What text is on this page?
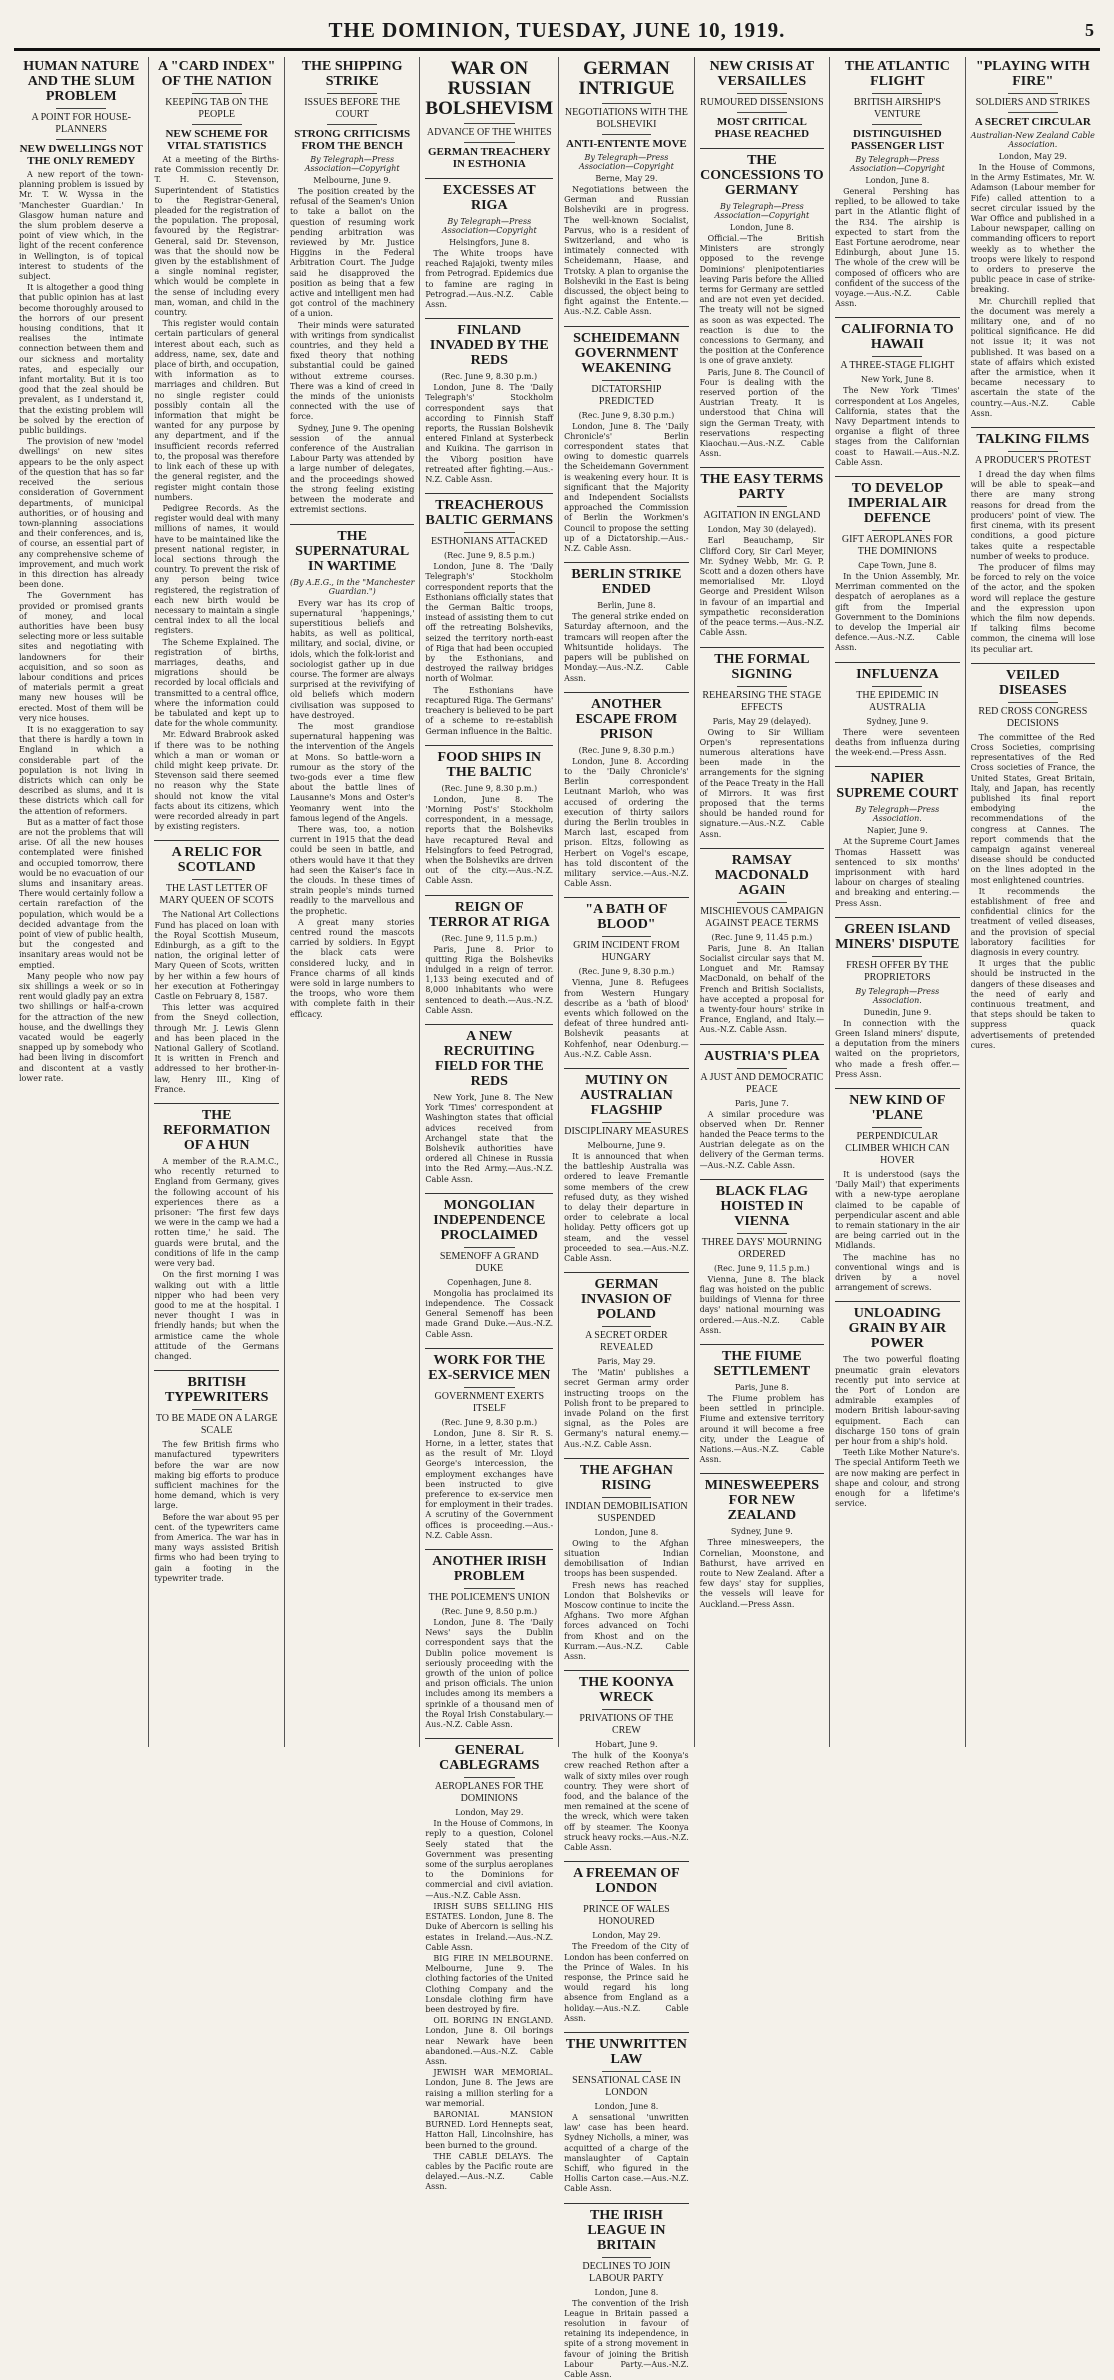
THE DOMINION, TUESDAY, JUNE 10, 1919.	5
HUMAN NATURE AND THE SLUM PROBLEM
A POINT FOR HOUSE-PLANNERS
NEW DWELLINGS NOT THE ONLY REMEDY

A new report of the town-planning problem is issued by Mr. T. W. Wyssa in the 'Manchester Guardian.' In Glasgow human nature and the slum problem deserve a point of view which, in the light of the recent conference in Wellington, is of topical interest to students of the subject.

It is altogether a good thing that public opinion has at last become thoroughly aroused to the horrors of our present housing conditions, that it realises the intimate connection between them and our sickness and mortality rates, and especially our infant mortality. But it is too good that the zeal should be prevalent, as I understand it, that the existing problem will be solved by the erection of public buildings.

The provision of new 'model dwellings' on new sites appears to be the only aspect of the question that has so far received the serious consideration of Government departments, of municipal authorities, or of housing and town-planning associations and their conferences, and is, of course, an essential part of any comprehensive scheme of improvement, and much work in this direction has already been done.

The Government has provided or promised grants of money, and local authorities have been busy selecting more or less suitable sites and negotiating with landowners for their acquisition, and so soon as labour conditions and prices of materials permit a great many new houses will be erected. Most of them will be very nice houses.

It is no exaggeration to say that there is hardly a town in England in which a considerable part of the population is not living in districts which can only be described as slums, and it is these districts which call for the attention of reformers.

But as a matter of fact those are not the problems that will arise. Of all the new houses contemplated were finished and occupied tomorrow, there would be no evacuation of our slums and insanitary areas. There would certainly follow a certain rarefaction of the population, which would be a decided advantage from the point of view of public health, but the congested and insanitary areas would not be emptied.

Many people who now pay six shillings a week or so in rent would gladly pay an extra two shillings or half-a-crown for the attraction of the new house, and the dwellings they vacated would be eagerly snapped up by somebody who had been living in discomfort and discontent at a vastly lower rate.

A "CARD INDEX" OF THE NATION
KEEPING TAB ON THE PEOPLE
NEW SCHEME FOR VITAL STATISTICS

At a meeting of the Births-rate Commission recently Dr. T. H. C. Stevenson, Superintendent of Statistics to the Registrar-General, pleaded for the registration of the population. The proposal, favoured by the Registrar-General, said Dr. Stevenson, was that the should now be given by the establishment of a single nominal register, which would be complete in the sense of including every man, woman, and child in the country.

This register would contain certain particulars of general interest about each, such as address, name, sex, date and place of birth, and occupation, with information as to marriages and children. But no single register could possibly contain all the information that might be wanted for any purpose by any department, and if the insufficient records referred to, the proposal was therefore to link each of these up with the general register, and the register might contain those numbers.

Pedigree Records. As the register would deal with many millions of names, it would have to be maintained like the present national register, in local sections through the country. To prevent the risk of any person being twice registered, the registration of each new birth would be necessary to maintain a single central index to all the local registers.

The Scheme Explained. The registration of births, marriages, deaths, and migrations should be recorded by local officials and transmitted to a central office, where the information could be tabulated and kept up to date for the whole community.

Mr. Edward Brabrook asked if there was to be nothing which a man or woman or child might keep private. Dr. Stevenson said there seemed no reason why the State should not know the vital facts about its citizens, which were recorded already in part by existing registers.

A RELIC FOR SCOTLAND
THE LAST LETTER OF MARY QUEEN OF SCOTS

The National Art Collections Fund has placed on loan with the Royal Scottish Museum, Edinburgh, as a gift to the nation, the original letter of Mary Queen of Scots, written by her within a few hours of her execution at Fotheringay Castle on February 8, 1587.

This letter was acquired from the Sneyd collection, through Mr. J. Lewis Glenn and has been placed in the National Gallery of Scotland. It is written in French and addressed to her brother-in-law, Henry III., King of France.

THE REFORMATION OF A HUN

A member of the R.A.M.C., who recently returned to England from Germany, gives the following account of his experiences there as a prisoner: 'The first few days we were in the camp we had a rotten time,' he said. The guards were brutal, and the conditions of life in the camp were very bad.

On the first morning I was walking out with a little nipper who had been very good to me at the hospital. I never thought I was in friendly hands; but when the armistice came the whole attitude of the Germans changed.

BRITISH TYPEWRITERS
TO BE MADE ON A LARGE SCALE

The few British firms who manufactured typewriters before the war are now making big efforts to produce sufficient machines for the home demand, which is very large.

Before the war about 95 per cent. of the typewriters came from America. The war has in many ways assisted British firms who had been trying to gain a footing in the typewriter trade.

THE SHIPPING STRIKE
ISSUES BEFORE THE COURT
STRONG CRITICISMS FROM THE BENCH
By Telegraph—Press Association—Copyright
Melbourne, June 9.

The position created by the refusal of the Seamen's Union to take a ballot on the question of resuming work pending arbitration was reviewed by Mr. Justice Higgins in the Federal Arbitration Court. The Judge said he disapproved the position as being that a few active and intelligent men had got control of the machinery of a union.

Their minds were saturated with writings from syndicalist countries, and they held a fixed theory that nothing substantial could be gained without extreme courses. There was a kind of creed in the minds of the unionists connected with the use of force.

Sydney, June 9. The opening session of the annual conference of the Australian Labour Party was attended by a large number of delegates, and the proceedings showed the strong feeling existing between the moderate and extremist sections.

THE SUPERNATURAL IN WARTIME
(By A.E.G., in the "Manchester Guardian.")

Every war has its crop of supernatural 'happenings,' superstitious beliefs and habits, as well as political, military, and social, divine, or idols, which the folk-lorist and sociologist gather up in due course. The former are always surprised at the revivifying of old beliefs which modern civilisation was supposed to have destroyed.

The most grandiose supernatural happening was the intervention of the Angels at Mons. So battle-worn a rumour as the story of the two-gods ever a time flew about the battle lines of Lausanne's Mons and Oster's Yeomanry went into the famous legend of the Angels.

There was, too, a notion current in 1915 that the dead could be seen in battle, and others would have it that they had seen the Kaiser's face in the clouds. In these times of strain people's minds turned readily to the marvellous and the prophetic.

A great many stories centred round the mascots carried by soldiers. In Egypt the black cats were considered lucky, and in France charms of all kinds were sold in large numbers to the troops, who wore them with complete faith in their efficacy.

WAR ON RUSSIAN BOLSHEVISM
ADVANCE OF THE WHITES
GERMAN TREACHERY IN ESTHONIA
EXCESSES AT RIGA
By Telegraph—Press Association—Copyright
Helsingfors, June 8.

The White troops have reached Rajajoki, twenty miles from Petrograd. Epidemics due to famine are raging in Petrograd.—Aus.-N.Z. Cable Assn.

FINLAND INVADED BY THE REDS
(Rec. June 9, 8.30 p.m.)

London, June 8. The 'Daily Telegraph's' Stockholm correspondent says that according to Finnish Staff reports, the Russian Bolshevik entered Finland at Systerbeck and Kuikina. The garrison in the Viborg position have retreated after fighting.—Aus.-N.Z. Cable Assn.

TREACHEROUS BALTIC GERMANS
ESTHONIANS ATTACKED
(Rec. June 9, 8.5 p.m.)

London, June 8. The 'Daily Telegraph's' Stockholm correspondent reports that the Esthonians officially states that the German Baltic troops, instead of assisting them to cut off the retreating Bolsheviks, seized the territory north-east of Riga that had been occupied by the Esthonians, and destroyed the railway bridges north of Wolmar.

The Esthonians have recaptured Riga. The Germans' treachery is believed to be part of a scheme to re-establish German influence in the Baltic.

FOOD SHIPS IN THE BALTIC
(Rec. June 9, 8.30 p.m.)

London, June 8. The 'Morning Post's' Stockholm correspondent, in a message, reports that the Bolsheviks have recaptured Reval and Helsingfors to feed Petrograd, when the Bolsheviks are driven out of the city.—Aus.-N.Z. Cable Assn.

REIGN OF TERROR AT RIGA
(Rec. June 9, 11.5 p.m.)

Paris, June 8. Prior to quitting Riga the Bolsheviks indulged in a reign of terror. 1,133 being executed and of 8,000 inhabitants who were sentenced to death.—Aus.-N.Z. Cable Assn.

A NEW RECRUITING FIELD FOR THE REDS

New York, June 8. The New York 'Times' correspondent at Washington states that official advices received from Archangel state that the Bolshevik authorities have ordered all Chinese in Russia into the Red Army.—Aus.-N.Z. Cable Assn.

MONGOLIAN INDEPENDENCE PROCLAIMED
SEMENOFF A GRAND DUKE
Copenhagen, June 8.

Mongolia has proclaimed its independence. The Cossack General Semenoff has been made Grand Duke.—Aus.-N.Z. Cable Assn.

WORK FOR THE EX-SERVICE MEN
GOVERNMENT EXERTS ITSELF
(Rec. June 9, 8.30 p.m.)

London, June 8. Sir R. S. Horne, in a letter, states that as the result of Mr. Lloyd George's intercession, the employment exchanges have been instructed to give preference to ex-service men for employment in their trades. A scrutiny of the Government offices is proceeding.—Aus.-N.Z. Cable Assn.

ANOTHER IRISH PROBLEM
THE POLICEMEN'S UNION
(Rec. June 9, 8.50 p.m.)

London, June 8. The 'Daily News' says the Dublin correspondent says that the Dublin police movement is seriously proceeding with the growth of the union of police and prison officials. The union includes among its members a sprinkle of a thousand men of the Royal Irish Constabulary.—Aus.-N.Z. Cable Assn.

GENERAL CABLEGRAMS
AEROPLANES FOR THE DOMINIONS
London, May 29.

In the House of Commons, in reply to a question, Colonel Seely stated that the Government was presenting some of the surplus aeroplanes to the Dominions for commercial and civil aviation.—Aus.-N.Z. Cable Assn.

IRISH SUBS SELLING HIS ESTATES. London, June 8. The Duke of Abercorn is selling his estates in Ireland.—Aus.-N.Z. Cable Assn.

BIG FIRE IN MELBOURNE. Melbourne, June 9. The clothing factories of the United Clothing Company and the Lonsdale clothing firm have been destroyed by fire.

OIL BORING IN ENGLAND. London, June 8. Oil borings near Newark have been abandoned.—Aus.-N.Z. Cable Assn.

JEWISH WAR MEMORIAL. London, June 8. The Jews are raising a million sterling for a war memorial.

BARONIAL MANSION BURNED. Lord Hennepts seat, Hatton Hall, Lincolnshire, has been burned to the ground.

THE CABLE DELAYS. The cables by the Pacific route are delayed.—Aus.-N.Z. Cable Assn.

GERMAN INTRIGUE
NEGOTIATIONS WITH THE BOLSHEVIKI
ANTI-ENTENTE MOVE
By Telegraph—Press Association—Copyright
Berne, May 29.

Negotiations between the German and Russian Bolsheviki are in progress. The well-known Socialist, Parvus, who is a resident of Switzerland, and who is intimately connected with Scheidemann, Haase, and Trotsky. A plan to organise the Bolsheviki in the East is being discussed, the object being to fight against the Entente.—Aus.-N.Z. Cable Assn.

SCHEIDEMANN GOVERNMENT WEAKENING
DICTATORSHIP PREDICTED
(Rec. June 9, 8.30 p.m.)

London, June 8. The 'Daily Chronicle's' Berlin correspondent states that owing to domestic quarrels the Scheidemann Government is weakening every hour. It is significant that the Majority and Independent Socialists approached the Commission of Berlin the Workmen's Council to propose the setting up of a Dictatorship.—Aus.-N.Z. Cable Assn.

BERLIN STRIKE ENDED
Berlin, June 8.

The general strike ended on Saturday afternoon, and the tramcars will reopen after the Whitsuntide holidays. The papers will be published on Monday.—Aus.-N.Z. Cable Assn.

ANOTHER ESCAPE FROM PRISON
(Rec. June 9, 8.30 p.m.)

London, June 8. According to the 'Daily Chronicle's' Berlin correspondent Leutnant Marloh, who was accused of ordering the execution of thirty sailors during the Berlin troubles in March last, escaped from prison. Eltzs, following as Herbert on Vogel's escape, has told discontent of the military service.—Aus.-N.Z. Cable Assn.

"A BATH OF BLOOD"
GRIM INCIDENT FROM HUNGARY
(Rec. June 9, 8.30 p.m.)

Vienna, June 8. Refugees from Western Hungary describe as a 'bath of blood' events which followed on the defeat of three hundred anti-Bolshevik peasants at Kohfenhof, near Odenburg.—Aus.-N.Z. Cable Assn.

MUTINY ON AUSTRALIAN FLAGSHIP
DISCIPLINARY MEASURES
Melbourne, June 9.

It is announced that when the battleship Australia was ordered to leave Fremantle some members of the crew refused duty, as they wished to delay their departure in order to celebrate a local holiday. Petty officers got up steam, and the vessel proceeded to sea.—Aus.-N.Z. Cable Assn.

GERMAN INVASION OF POLAND
A SECRET ORDER REVEALED
Paris, May 29.

The 'Matin' publishes a secret German army order instructing troops on the Polish front to be prepared to invade Poland on the first signal, as the Poles are Germany's natural enemy.—Aus.-N.Z. Cable Assn.

THE AFGHAN RISING
INDIAN DEMOBILISATION SUSPENDED
London, June 8.

Owing to the Afghan situation Indian demobilisation of Indian troops has been suspended.

Fresh news has reached London that Bolsheviks or Moscow continue to incite the Afghans. Two more Afghan forces advanced on Tochi from Khost and on the Kurram.—Aus.-N.Z. Cable Assn.

THE KOONYA WRECK
PRIVATIONS OF THE CREW
Hobart, June 9.

The hulk of the Koonya's crew reached Rethon after a walk of sixty miles over rough country. They were short of food, and the balance of the men remained at the scene of the wreck, which were taken off by steamer. The Koonya struck heavy rocks.—Aus.-N.Z. Cable Assn.

A FREEMAN OF LONDON
PRINCE OF WALES HONOURED
London, May 29.

The Freedom of the City of London has been conferred on the Prince of Wales. In his response, the Prince said he would regard his long absence from England as a holiday.—Aus.-N.Z. Cable Assn.

THE UNWRITTEN LAW
SENSATIONAL CASE IN LONDON
London, June 8.

A sensational 'unwritten law' case has been heard. Sydney Nicholls, a miner, was acquitted of a charge of the manslaughter of Captain Schiff, who figured in the Hollis Carton case.—Aus.-N.Z. Cable Assn.

THE IRISH LEAGUE IN BRITAIN
DECLINES TO JOIN LABOUR PARTY
London, June 8.

The convention of the Irish League in Britain passed a resolution in favour of retaining its independence, in spite of a strong movement in favour of joining the British Labour Party.—Aus.-N.Z. Cable Assn.

NEW CRISIS AT VERSAILLES
RUMOURED DISSENSIONS
MOST CRITICAL PHASE REACHED
THE CONCESSIONS TO GERMANY
By Telegraph—Press Association—Copyright
London, June 8.

Official.—The British Ministers are strongly opposed to the revenge Dominions' plenipotentiaries leaving Paris before the Allied terms for Germany are settled and are not even yet decided. The treaty will not be signed as soon as was expected. The reaction is due to the concessions to Germany, and the position at the Conference is one of grave anxiety.

Paris, June 8. The Council of Four is dealing with the reserved portion of the Austrian Treaty. It is understood that China will sign the German Treaty, with reservations respecting Kiaochau.—Aus.-N.Z. Cable Assn.

THE EASY TERMS PARTY
AGITATION IN ENGLAND
London, May 30 (delayed).

Earl Beauchamp, Sir Clifford Cory, Sir Carl Meyer, Mr. Sydney Webb, Mr. G. P. Scott and a dozen others have memorialised Mr. Lloyd George and President Wilson in favour of an impartial and sympathetic reconsideration of the peace terms.—Aus.-N.Z. Cable Assn.

THE FORMAL SIGNING
REHEARSING THE STAGE EFFECTS
Paris, May 29 (delayed).

Owing to Sir William Orpen's representations numerous alterations have been made in the arrangements for the signing of the Peace Treaty in the Hall of Mirrors. It was first proposed that the terms should be handed round for signature.—Aus.-N.Z. Cable Assn.

RAMSAY MACDONALD AGAIN
MISCHIEVOUS CAMPAIGN AGAINST PEACE TERMS
(Rec. June 9, 11.45 p.m.)

Paris, June 8. An Italian Socialist circular says that M. Longuet and Mr. Ramsay MacDonald, on behalf of the French and British Socialists, have accepted a proposal for a twenty-four hours' strike in France, England, and Italy.—Aus.-N.Z. Cable Assn.

AUSTRIA'S PLEA
A JUST AND DEMOCRATIC PEACE
Paris, June 7.

A similar procedure was observed when Dr. Renner handed the Peace terms to the Austrian delegate as on the delivery of the German terms.—Aus.-N.Z. Cable Assn.

BLACK FLAG HOISTED IN VIENNA
THREE DAYS' MOURNING ORDERED
(Rec. June 9, 11.5 p.m.)

Vienna, June 8. The black flag was hoisted on the public buildings of Vienna for three days' national mourning was ordered.—Aus.-N.Z. Cable Assn.

THE FIUME SETTLEMENT
Paris, June 8.

The Fiume problem has been settled in principle. Fiume and extensive territory around it will become a free city, under the League of Nations.—Aus.-N.Z. Cable Assn.

MINESWEEPERS FOR NEW ZEALAND
Sydney, June 9.

Three minesweepers, the Cornelian, Moonstone, and Bathurst, have arrived en route to New Zealand. After a few days' stay for supplies, the vessels will leave for Auckland.—Press Assn.

THE ATLANTIC FLIGHT
BRITISH AIRSHIP'S VENTURE
DISTINGUISHED PASSENGER LIST
By Telegraph—Press Association—Copyright
London, June 8.

General Pershing has replied, to be allowed to take part in the Atlantic flight of the R34. The airship is expected to start from the East Fortune aerodrome, near Edinburgh, about June 15. The whole of the crew will be composed of officers who are confident of the success of the voyage.—Aus.-N.Z. Cable Assn.

CALIFORNIA TO HAWAII
A THREE-STAGE FLIGHT
New York, June 8.

The New York 'Times' correspondent at Los Angeles, California, states that the Navy Department intends to organise a flight of three stages from the Californian coast to Hawaii.—Aus.-N.Z. Cable Assn.

TO DEVELOP IMPERIAL AIR DEFENCE
GIFT AEROPLANES FOR THE DOMINIONS
Cape Town, June 8.

In the Union Assembly, Mr. Merriman commented on the despatch of aeroplanes as a gift from the Imperial Government to the Dominions to develop the Imperial air defence.—Aus.-N.Z. Cable Assn.

INFLUENZA
THE EPIDEMIC IN AUSTRALIA
Sydney, June 9.

There were seventeen deaths from influenza during the week-end.—Press Assn.

NAPIER SUPREME COURT
By Telegraph—Press Association.
Napier, June 9.

At the Supreme Court James Thomas Hassett was sentenced to six months' imprisonment with hard labour on charges of stealing and breaking and entering.—Press Assn.

GREEN ISLAND MINERS' DISPUTE
FRESH OFFER BY THE PROPRIETORS
By Telegraph—Press Association.
Dunedin, June 9.

In connection with the Green Island miners' dispute, a deputation from the miners waited on the proprietors, who made a fresh offer.—Press Assn.

NEW KIND OF 'PLANE
PERPENDICULAR CLIMBER WHICH CAN HOVER

It is understood (says the 'Daily Mail') that experiments with a new-type aeroplane claimed to be capable of perpendicular ascent and able to remain stationary in the air are being carried out in the Midlands.

The machine has no conventional wings and is driven by a novel arrangement of screws.

UNLOADING GRAIN BY AIR POWER

The two powerful floating pneumatic grain elevators recently put into service at the Port of London are admirable examples of modern British labour-saving equipment. Each can discharge 150 tons of grain per hour from a ship's hold.

Teeth Like Mother Nature's. The special Antiform Teeth we are now making are perfect in shape and colour, and strong enough for a lifetime's service.

"PLAYING WITH FIRE"
SOLDIERS AND STRIKES
A SECRET CIRCULAR
Australian-New Zealand Cable Association.
London, May 29.

In the House of Commons, in the Army Estimates, Mr. W. Adamson (Labour member for Fife) called attention to a secret circular issued by the War Office and published in a Labour newspaper, calling on commanding officers to report weekly as to whether the troops were likely to respond to orders to preserve the public peace in case of strike-breaking.

Mr. Churchill replied that the document was merely a military one, and of no political significance. He did not issue it; it was not published. It was based on a state of affairs which existed after the armistice, when it became necessary to ascertain the state of the country.—Aus.-N.Z. Cable Assn.

TALKING FILMS
A PRODUCER'S PROTEST

I dread the day when films will be able to speak—and there are many strong reasons for dread from the producers' point of view. The first cinema, with its present conditions, a good picture takes quite a respectable number of weeks to produce.

The producer of films may be forced to rely on the voice of the actor, and the spoken word will replace the gesture and the expression upon which the film now depends. If talking films become common, the cinema will lose its peculiar art.

VEILED DISEASES
RED CROSS CONGRESS DECISIONS

The committee of the Red Cross Societies, comprising representatives of the Red Cross societies of France, the United States, Great Britain, Italy, and Japan, has recently published its final report embodying the recommendations of the congress at Cannes. The report commends that the campaign against venereal disease should be conducted on the lines adopted in the most enlightened countries.

It recommends the establishment of free and confidential clinics for the treatment of veiled diseases, and the provision of special laboratory facilities for diagnosis in every country.

It urges that the public should be instructed in the dangers of these diseases and the need of early and continuous treatment, and that steps should be taken to suppress quack advertisements of pretended cures.
